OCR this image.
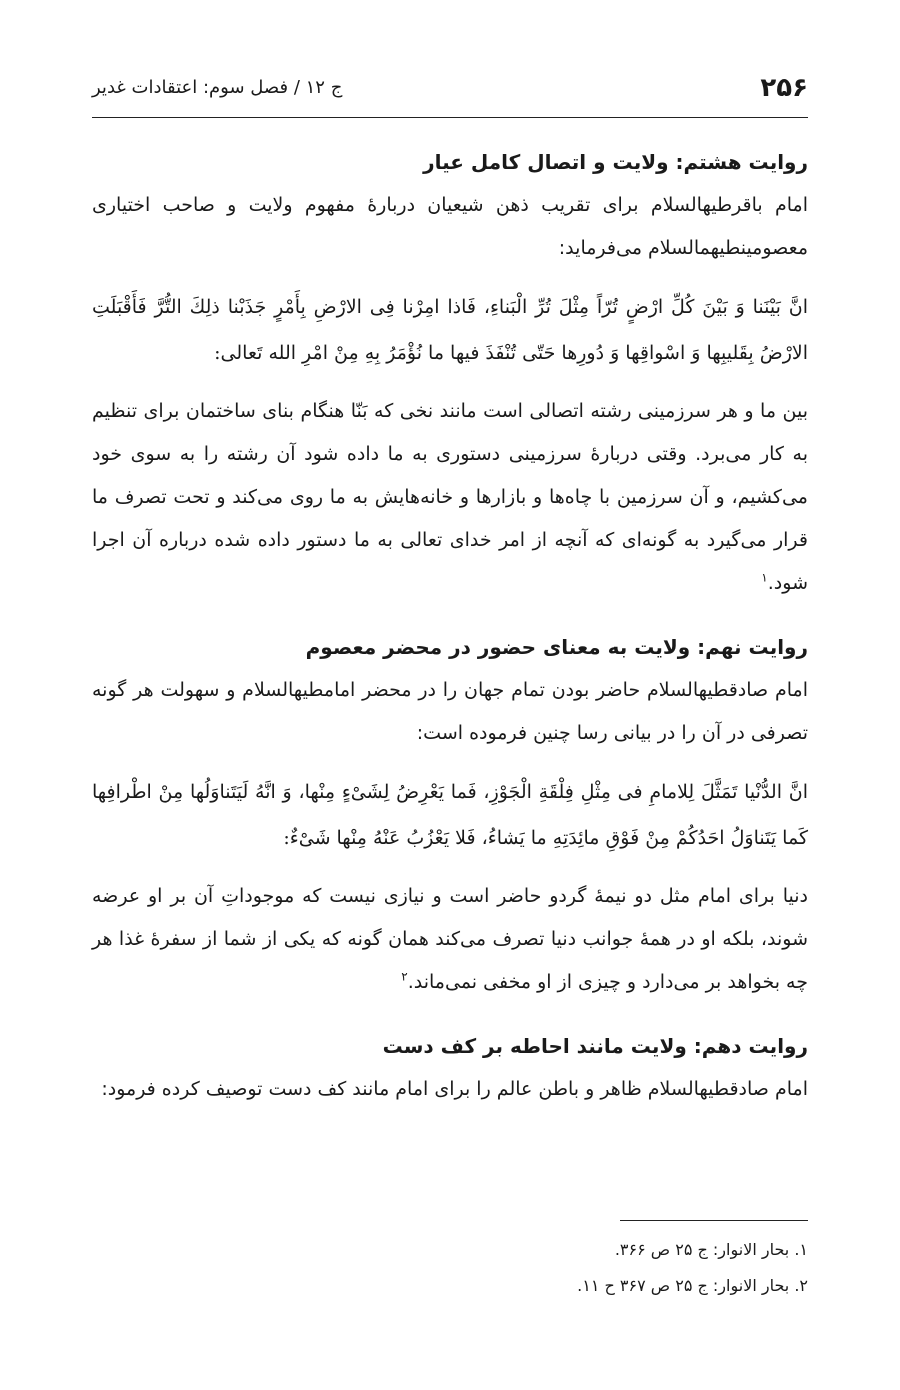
۲۵۶
ج ۱۲ / فصل سوم: اعتقادات غدیر
روایت هشتم: ولایت و اتصال کامل عیار

امام باقرطيهالسلام برای تقریب ذهن شیعیان دربارهٔ مفهوم ولایت و صاحب اختیاری معصومینطيهمالسلام می‌فرماید:

انَّ بَيْنَنا وَ بَيْنَ كُلِّ ارْضٍ تُرّاً مِثْلَ تُرِّ الْبَناءِ، فَاذا امِرْنا فِى الارْضِ بِأَمْرٍ جَذَبْنا ذلِكَ التُّرَّ فَأَقْبَلَتِ الارْضُ بِقَليبِها وَ اسْواقِها وَ دُورِها حَتّى تُنْفَذَ فيها ما نُؤْمَرُ بِهِ مِنْ امْرِ الله تَعالى:

بین ما و هر سرزمینی رشته اتصالی است مانند نخی که بَنّا هنگام بنای ساختمان برای تنظیم به کار می‌برد. وقتی دربارهٔ سرزمینی دستوری به ما داده شود آن رشته را به سوی خود می‌کشیم، و آن سرزمین با چاه‌ها و بازارها و خانه‌هایش به ما روی می‌کند و تحت تصرف ما قرار می‌گیرد به گونه‌ای که آنچه از امر خدای تعالی به ما دستور داده شده درباره آن اجرا شود.$^۱$

روایت نهم: ولایت به معنای حضور در محضر معصوم

امام صادقطيهالسلام حاضر بودن تمام جهان را در محضر امامطيهالسلام و سهولت هر گونه تصرفی در آن را در بیانی رسا چنین فرموده است:

انَّ الدُّنْيا تَمَثَّلَ لِلامامِ فى مِثْلِ فِلْقَةِ الْجَوْزِ، فَما يَعْرِضُ لِشَىْءٍ مِنْها، وَ انَّهُ لَيَتَناوَلُها مِنْ اطْرافِها كَما يَتَناوَلُ احَدُكُمْ مِنْ فَوْقِ مائِدَتِهِ ما يَشاءُ، فَلا يَعْزُبُ عَنْهُ مِنْها شَىْءٌ:

دنیا برای امام مثل دو نیمهٔ گردو حاضر است و نیازی نیست که موجوداتِ آن بر او عرضه شوند، بلکه او در همهٔ جوانب دنیا تصرف می‌کند همان گونه که یکی از شما از سفرهٔ غذا هر چه بخواهد بر می‌دارد و چیزی از او مخفی نمی‌ماند.$^۲$

روایت دهم: ولایت مانند احاطه بر کف دست

امام صادقطيهالسلام ظاهر و باطن عالم را برای امام مانند کف دست توصیف کرده فرمود:

۱. بحار الانوار: ج ۲۵ ص ۳۶۶.

۲. بحار الانوار: ج ۲۵ ص ۳۶۷ ح ۱۱.
